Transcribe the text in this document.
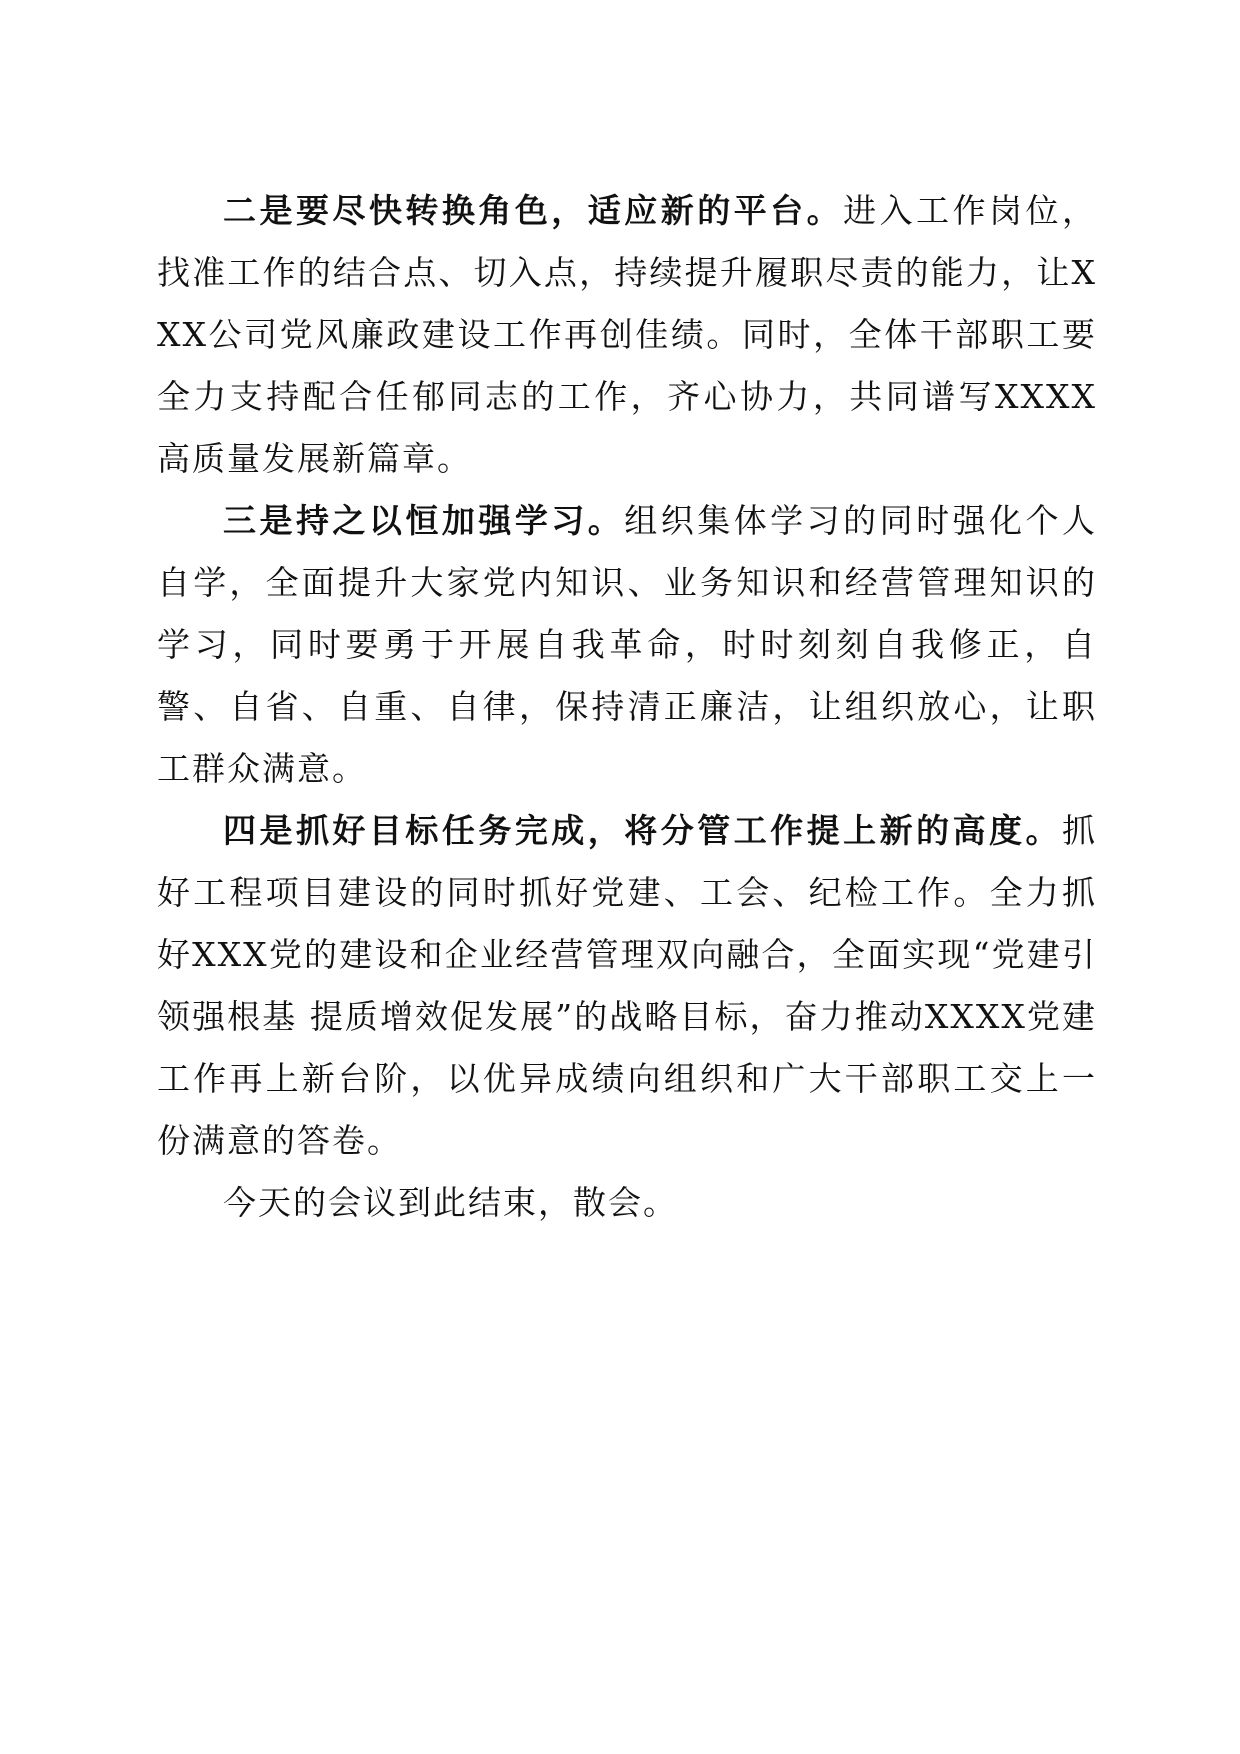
二是要尽快转换角色，适应新的平台。进入工作岗位，找准工作的结合点、切入点，持续提升履职尽责的能力，让XXX公司党风廉政建设工作再创佳绩。同时，全体干部职工要全力支持配合任郁同志的工作，齐心协力，共同谱写XXXX高质量发展新篇章。

三是持之以恒加强学习。组织集体学习的同时强化个人自学，全面提升大家党内知识、业务知识和经营管理知识的学习，同时要勇于开展自我革命，时时刻刻自我修正，自警、自省、自重、自律，保持清正廉洁，让组织放心，让职工群众满意。

四是抓好目标任务完成，将分管工作提上新的高度。抓好工程项目建设的同时抓好党建、工会、纪检工作。全力抓好XXX党的建设和企业经营管理双向融合，全面实现“党建引领强根基 提质增效促发展”的战略目标，奋力推动XXXX党建工作再上新台阶，以优异成绩向组织和广大干部职工交上一份满意的答卷。

今天的会议到此结束，散会。
